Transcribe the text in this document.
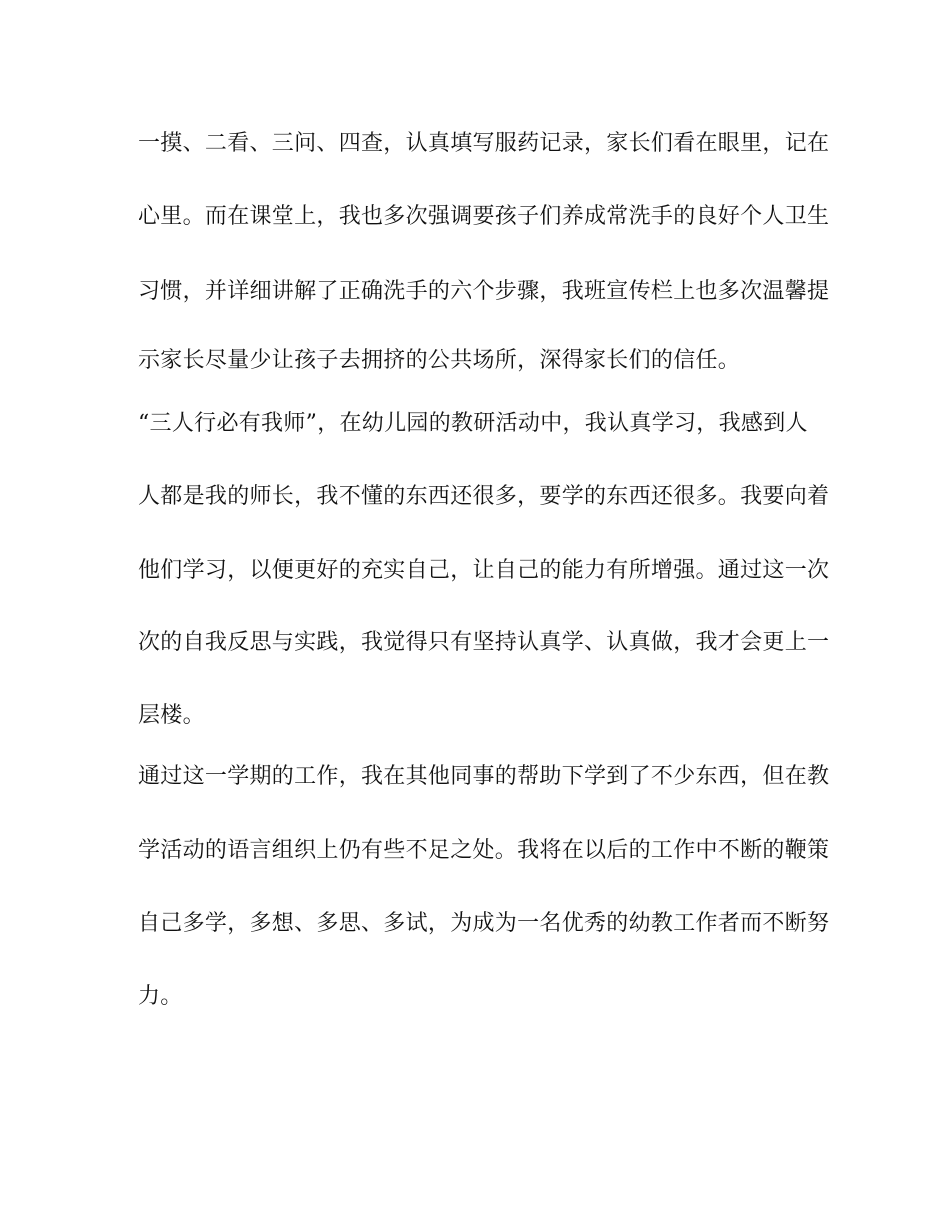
一摸、二看、三问、四查，认真填写服药记录，家长们看在眼里，记在
心里。而在课堂上，我也多次强调要孩子们养成常洗手的良好个人卫生
习惯，并详细讲解了正确洗手的六个步骤，我班宣传栏上也多次温馨提
示家长尽量少让孩子去拥挤的公共场所，深得家长们的信任。
“三人行必有我师”，在幼儿园的教研活动中，我认真学习，我感到人
人都是我的师长，我不懂的东西还很多，要学的东西还很多。我要向着
他们学习，以便更好的充实自己，让自己的能力有所增强。通过这一次
次的自我反思与实践，我觉得只有坚持认真学、认真做，我才会更上一
层楼。
通过这一学期的工作，我在其他同事的帮助下学到了不少东西，但在教
学活动的语言组织上仍有些不足之处。我将在以后的工作中不断的鞭策
自己多学，多想、多思、多试，为成为一名优秀的幼教工作者而不断努
力。
